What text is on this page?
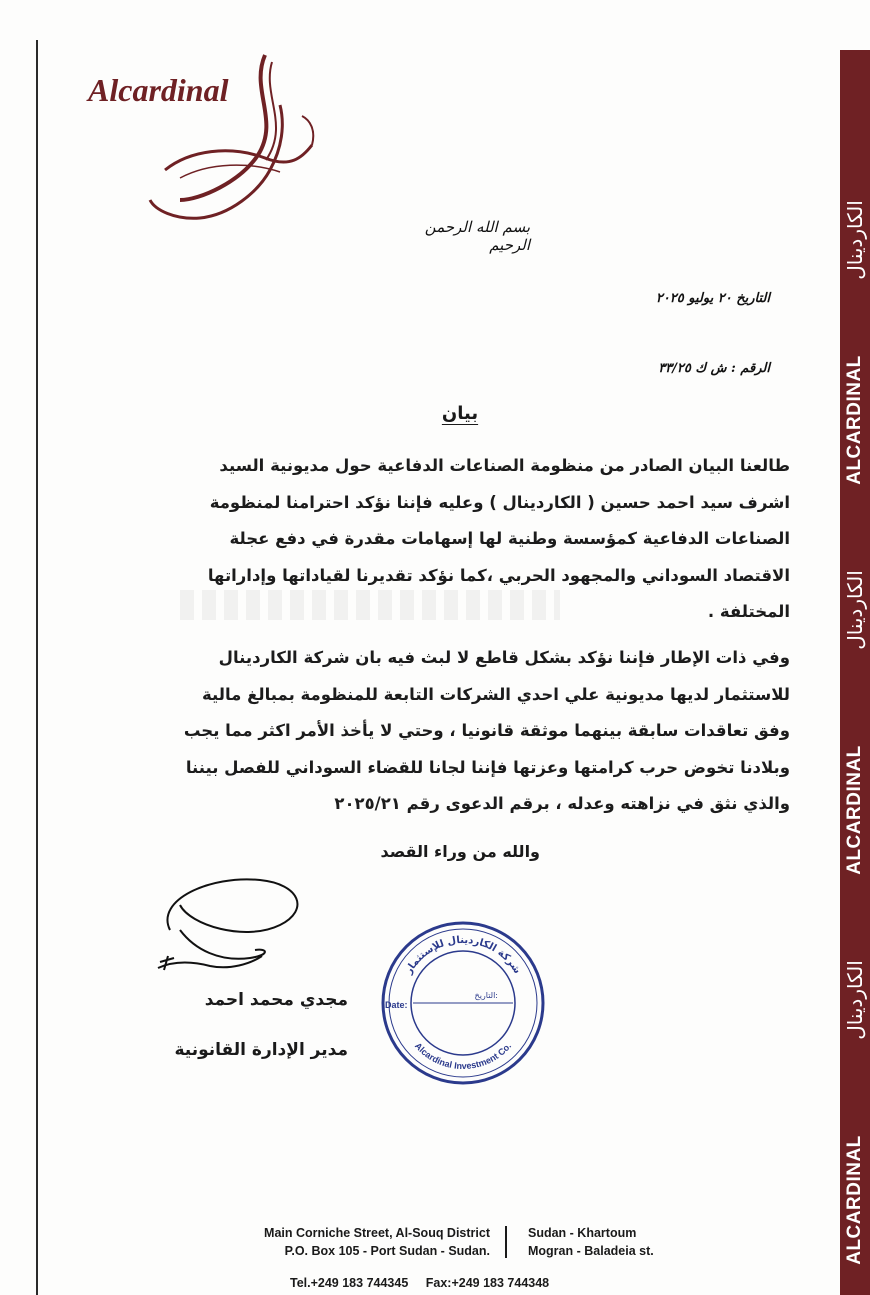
الكاردينال
ALCARDINAL
الكاردينال
ALCARDINAL
الكاردينال
ALCARDINAL
Alcardinal
بسم الله الرحمن الرحيم
التاريخ ٢٠ يوليو ٢٠٢٥
الرقم : ش ك ٣٣/٢٥
بيان
طالعنا البيان الصادر من منظومة الصناعات الدفاعية حول مديونية السيد اشرف سيد احمد حسين ( الكاردينال ) وعليه فإننا نؤكد احترامنا لمنظومة الصناعات الدفاعية كمؤسسة وطنية لها إسهامات مقدرة في دفع عجلة الاقتصاد السوداني والمجهود الحربي ،كما نؤكد تقديرنا لقياداتها وإداراتها المختلفة .
وفي ذات الإطار فإننا نؤكد بشكل قاطع لا لبث فيه بان شركة الكاردينال للاستثمار لديها مديونية علي احدي الشركات التابعة للمنظومة بمبالغ مالية وفق تعاقدات سابقة بينهما موثقة قانونيا ، وحتي لا يأخذ الأمر اكثر مما يجب وبلادنا تخوض حرب كرامتها وعزتها فإننا لجانا للقضاء السوداني للفصل بيننا والذي نثق في نزاهته وعدله ، برقم الدعوى رقم ٢٠٢٥/٢١
والله من وراء القصد
مجدي محمد احمد
مدير الإدارة القانونية
شركة الكاردينال للإستثمار
Alcardinal Investment Co.
التاريخ:
Date:
Main Corniche Street, Al-Souq District
P.O. Box 105 - Port Sudan - Sudan.
Sudan - Khartoum
Mogran - Baladeia st.
Tel.+249 183 744345 Fax:+249 183 744348
